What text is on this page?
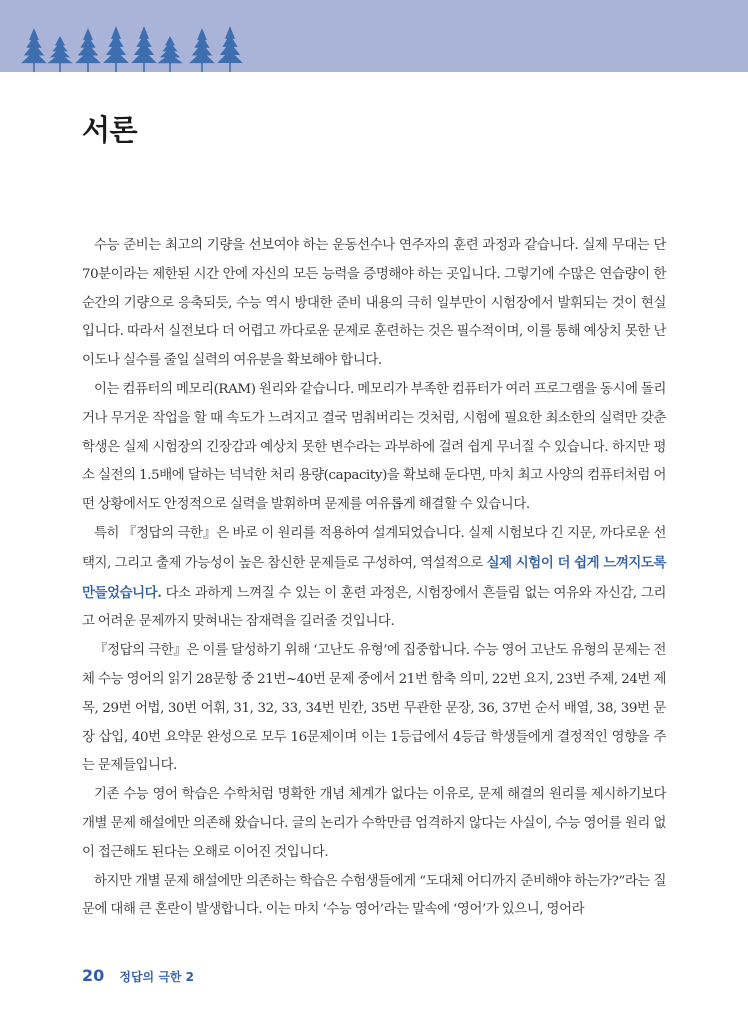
서론

수능 준비는 최고의 기량을 선보여야 하는 운동선수나 연주자의 훈련 과정과 같습니다. 실제 무대는 단 70분이라는 제한된 시간 안에 자신의 모든 능력을 증명해야 하는 곳입니다. 그렇기에 수많은 연습량이 한순간의 기량으로 응축되듯, 수능 역시 방대한 준비 내용의 극히 일부만이 시험장에서 발휘되는 것이 현실입니다. 따라서 실전보다 더 어렵고 까다로운 문제로 훈련하는 것은 필수적이며, 이를 통해 예상치 못한 난이도나 실수를 줄일 실력의 여유분을 확보해야 합니다.

이는 컴퓨터의 메모리(RAM) 원리와 같습니다. 메모리가 부족한 컴퓨터가 여러 프로그램을 동시에 돌리거나 무거운 작업을 할 때 속도가 느려지고 결국 멈춰버리는 것처럼, 시험에 필요한 최소한의 실력만 갖춘 학생은 실제 시험장의 긴장감과 예상치 못한 변수라는 과부하에 걸려 쉽게 무너질 수 있습니다. 하지만 평소 실전의 1.5배에 달하는 넉넉한 처리 용량(capacity)을 확보해 둔다면, 마치 최고 사양의 컴퓨터처럼 어떤 상황에서도 안정적으로 실력을 발휘하며 문제를 여유롭게 해결할 수 있습니다.

특히 『정답의 극한』은 바로 이 원리를 적용하여 설계되었습니다. 실제 시험보다 긴 지문, 까다로운 선택지, 그리고 출제 가능성이 높은 참신한 문제들로 구성하여, 역설적으로 실제 시험이 더 쉽게 느껴지도록 만들었습니다. 다소 과하게 느껴질 수 있는 이 훈련 과정은, 시험장에서 흔들림 없는 여유와 자신감, 그리고 어려운 문제까지 맞혀내는 잠재력을 길러줄 것입니다.

『정답의 극한』은 이를 달성하기 위해 ‘고난도 유형’에 집중합니다. 수능 영어 고난도 유형의 문제는 전체 수능 영어의 읽기 28문항 중 21번~40번 문제 중에서 21번 함축 의미, 22번 요지, 23번 주제, 24번 제목, 29번 어법, 30번 어휘, 31, 32, 33, 34번 빈칸, 35번 무관한 문장, 36, 37번 순서 배열, 38, 39번 문장 삽입, 40번 요약문 완성으로 모두 16문제이며 이는 1등급에서 4등급 학생들에게 결정적인 영향을 주는 문제들입니다.

기존 수능 영어 학습은 수학처럼 명확한 개념 체계가 없다는 이유로, 문제 해결의 원리를 제시하기보다 개별 문제 해설에만 의존해 왔습니다. 글의 논리가 수학만큼 엄격하지 않다는 사실이, 수능 영어를 원리 없이 접근해도 된다는 오해로 이어진 것입니다.

하지만 개별 문제 해설에만 의존하는 학습은 수험생들에게 “도대체 어디까지 준비해야 하는가?”라는 질문에 대해 큰 혼란이 발생합니다. 이는 마치 ‘수능 영어’라는 말속에 ‘영어’가 있으니, 영어라

20 정답의 극한 2
